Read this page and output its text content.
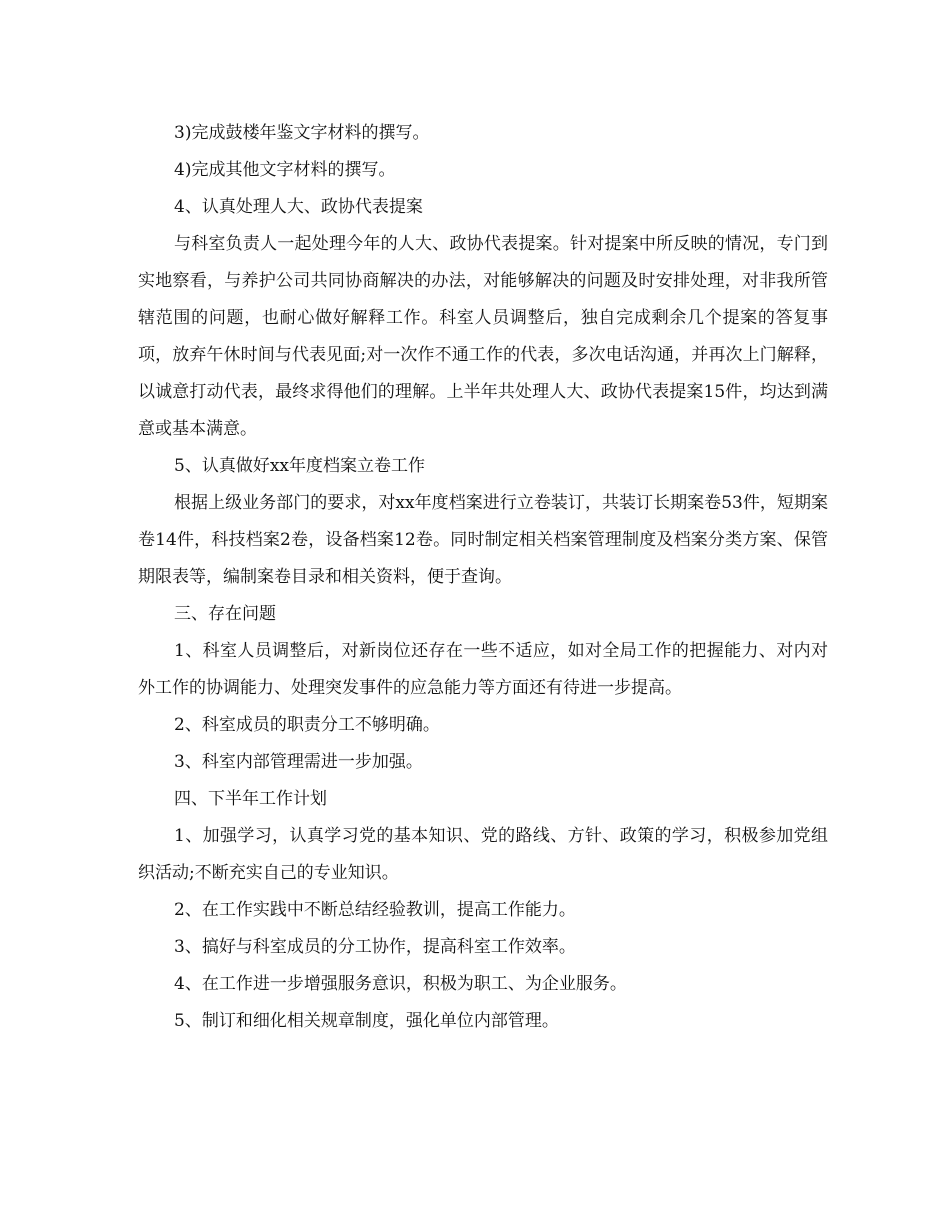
3)完成鼓楼年鉴文字材料的撰写。

4)完成其他文字材料的撰写。

4、认真处理人大、政协代表提案

与科室负责人一起处理今年的人大、政协代表提案。针对提案中所反映的情况，专门到实地察看，与养护公司共同协商解决的办法，对能够解决的问题及时安排处理，对非我所管辖范围的问题，也耐心做好解释工作。科室人员调整后，独自完成剩余几个提案的答复事项，放弃午休时间与代表见面;对一次作不通工作的代表，多次电话沟通，并再次上门解释，以诚意打动代表，最终求得他们的理解。上半年共处理人大、政协代表提案15件，均达到满意或基本满意。

5、认真做好xx年度档案立卷工作

根据上级业务部门的要求，对xx年度档案进行立卷装订，共装订长期案卷53件，短期案卷14件，科技档案2卷，设备档案12卷。同时制定相关档案管理制度及档案分类方案、保管期限表等，编制案卷目录和相关资料，便于查询。

三、存在问题

1、科室人员调整后，对新岗位还存在一些不适应，如对全局工作的把握能力、对内对外工作的协调能力、处理突发事件的应急能力等方面还有待进一步提高。

2、科室成员的职责分工不够明确。

3、科室内部管理需进一步加强。

四、下半年工作计划

1、加强学习，认真学习党的基本知识、党的路线、方针、政策的学习，积极参加党组织活动;不断充实自己的专业知识。

2、在工作实践中不断总结经验教训，提高工作能力。

3、搞好与科室成员的分工协作，提高科室工作效率。

4、在工作进一步增强服务意识，积极为职工、为企业服务。

5、制订和细化相关规章制度，强化单位内部管理。
